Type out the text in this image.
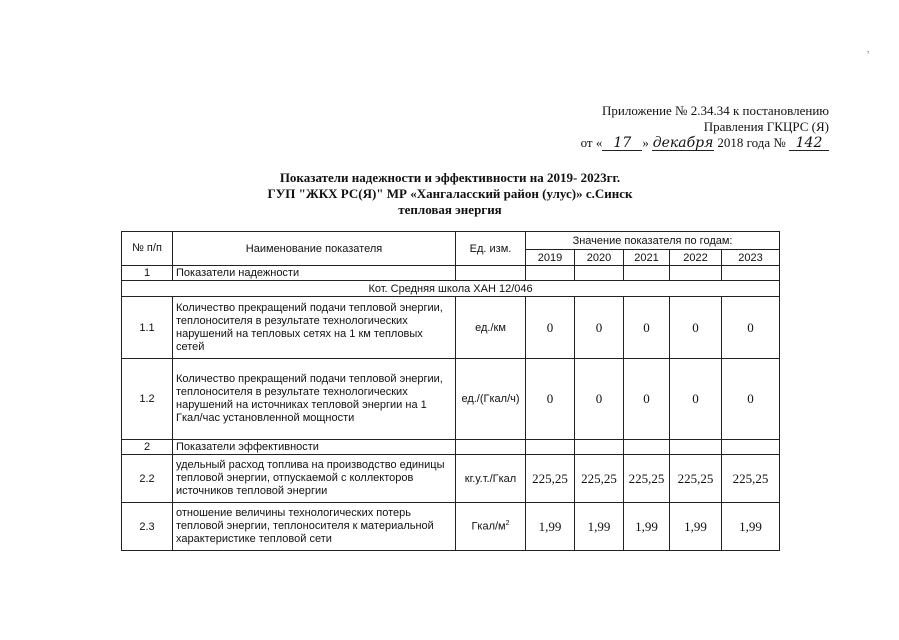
,
Приложение № 2.34.34 к постановлению
Правления ГКЦРС (Я)
от « 17 » декабря 2018 года № 142
Показатели надежности и эффективности на 2019- 2023гг.
ГУП "ЖКХ РС(Я)" МР «Хангаласский район (улус)» с.Синск
тепловая энергия
№ п/п	Наименование показателя	Ед. изм.	Значение показателя по годам:				
			2019	2020	2021	2022	2023
1	Показатели надежности						
Кот. Средняя школа ХАН 12/046							
1.1	Количество прекращений подачи тепловой энергии, теплоносителя в результате технологических нарушений на тепловых сетях на 1 км тепловых сетей	ед./км	0	0	0	0	0
1.2	Количество прекращений подачи тепловой энергии, теплоносителя в результате технологических нарушений на источниках тепловой энергии на 1 Гкал/час установленной мощности	ед./(Гкал/ч)	0	0	0	0	0
2	Показатели эффективности						
2.2	удельный расход топлива на производство единицы тепловой энергии, отпускаемой с коллекторов источников тепловой энергии	кг.у.т./Гкал	225,25	225,25	225,25	225,25	225,25
2.3	отношение величины технологических потерь тепловой энергии, теплоносителя к материальной характеристике тепловой сети	Гкал/$м^2$	1,99	1,99	1,99	1,99	1,99
